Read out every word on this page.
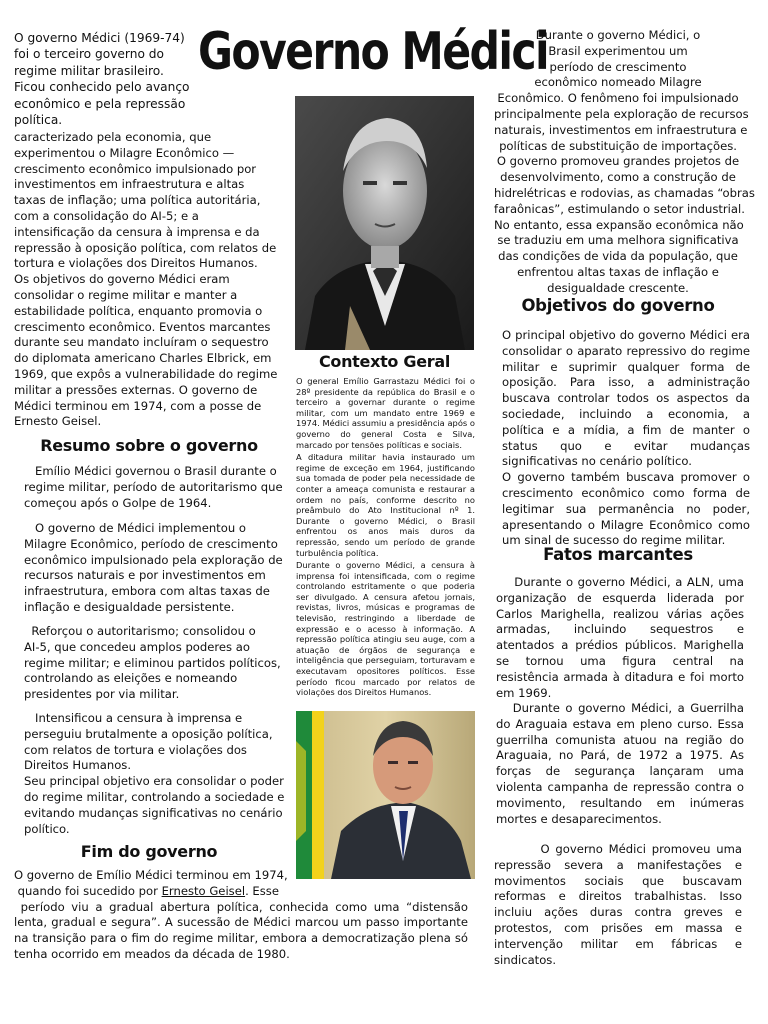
Governo Médici
O governo Médici (1969-74)
foi o terceiro governo do
regime militar brasileiro.
Ficou conhecido pelo avanço
econômico e pela repressão
política.
caracterizado pela economia, que
experimentou o Milagre Econômico —
crescimento econômico impulsionado por
investimentos em infraestrutura e altas
taxas de inflação; uma política autoritária,
com a consolidação do AI-5; e a
intensificação da censura à imprensa e da
repressão à oposição política, com relatos de
tortura e violações dos Direitos Humanos.
Os objetivos do governo Médici eram
consolidar o regime militar e manter a
estabilidade política, enquanto promovia o
crescimento econômico. Eventos marcantes
durante seu mandato incluíram o sequestro
do diplomata americano Charles Elbrick, em
1969, que expôs a vulnerabilidade do regime
militar a pressões externas. O governo de
Médici terminou em 1974, com a posse de
Ernesto Geisel.
Resumo sobre o governo
Emílio Médici governou o Brasil durante o
regime militar, período de autoritarismo que
começou após o Golpe de 1964.
O governo de Médici implementou o
Milagre Econômico, período de crescimento
econômico impulsionado pela exploração de
recursos naturais e por investimentos em
infraestrutura, embora com altas taxas de
inflação e desigualdade persistente.
Reforçou o autoritarismo; consolidou o
AI-5, que concedeu amplos poderes ao
regime militar; e eliminou partidos políticos,
controlando as eleições e nomeando
presidentes por via militar.
Intensificou a censura à imprensa e
perseguiu brutalmente a oposição política,
com relatos de tortura e violações dos
Direitos Humanos.
Seu principal objetivo era consolidar o poder
do regime militar, controlando a sociedade e
evitando mudanças significativas no cenário
político.
Fim do governo
O governo de Emílio Médici terminou em 1974,
quando foi sucedido por Ernesto Geisel. Esse
período viu a gradual abertura política, conhecida como uma “distensão lenta, gradual e segura”. A sucessão de Médici marcou um passo importante na transição para o fim do regime militar, embora a democratização plena só tenha ocorrido em meados da década de 1980.
Contexto Geral

O general Emílio Garrastazu Médici foi o 28º presidente da república do Brasil e o terceiro a governar durante o regime militar, com um mandato entre 1969 e 1974. Médici assumiu a presidência após o governo do general Costa e Silva, marcado por tensões políticas e sociais.

A ditadura militar havia instaurado um regime de exceção em 1964, justificando sua tomada de poder pela necessidade de conter a ameaça comunista e restaurar a ordem no país, conforme descrito no preâmbulo do Ato Institucional nº 1. Durante o governo Médici, o Brasil enfrentou os anos mais duros da repressão, sendo um período de grande turbulência política.

Durante o governo Médici, a censura à imprensa foi intensificada, com o regime controlando estritamente o que poderia ser divulgado. A censura afetou jornais, revistas, livros, músicas e programas de televisão, restringindo a liberdade de expressão e o acesso à informação. A repressão política atingiu seu auge, com a atuação de órgãos de segurança e inteligência que perseguiam, torturavam e executavam opositores políticos. Esse período ficou marcado por relatos de violações dos Direitos Humanos.

Durante o governo Médici, o
Brasil experimentou um
período de crescimento
econômico nomeado Milagre
Econômico. O fenômeno foi impulsionado
principalmente pela exploração de recursos
naturais, investimentos em infraestrutura e
políticas de substituição de importações.
O governo promoveu grandes projetos de
desenvolvimento, como a construção de
hidrelétricas e rodovias, as chamadas “obras
faraônicas”, estimulando o setor industrial.
No entanto, essa expansão econômica não
se traduziu em uma melhora significativa
das condições de vida da população, que
enfrentou altas taxas de inflação e
desigualdade crescente.
Objetivos do governo

O principal objetivo do governo Médici era consolidar o aparato repressivo do regime militar e suprimir qualquer forma de oposição. Para isso, a administração buscava controlar todos os aspectos da sociedade, incluindo a economia, a política e a mídia, a fim de manter o status quo e evitar mudanças significativas no cenário político.

O governo também buscava promover o crescimento econômico como forma de legitimar sua permanência no poder, apresentando o Milagre Econômico como um sinal de sucesso do regime militar.

Fatos marcantes
Durante o governo Médici, a ALN, uma organização de esquerda liderada por Carlos Marighella, realizou várias ações armadas, incluindo sequestros e atentados a prédios públicos. Marighella se tornou uma figura central na resistência armada à ditadura e foi morto em 1969.
Durante o governo Médici, a Guerrilha do Araguaia estava em pleno curso. Essa guerrilha comunista atuou na região do Araguaia, no Pará, de 1972 a 1975. As forças de segurança lançaram uma violenta campanha de repressão contra o movimento, resultando em inúmeras mortes e desaparecimentos.
O governo Médici promoveu uma repressão severa a manifestações e movimentos sociais que buscavam reformas e direitos trabalhistas. Isso incluiu ações duras contra greves e protestos, com prisões em massa e intervenção militar em fábricas e sindicatos.
